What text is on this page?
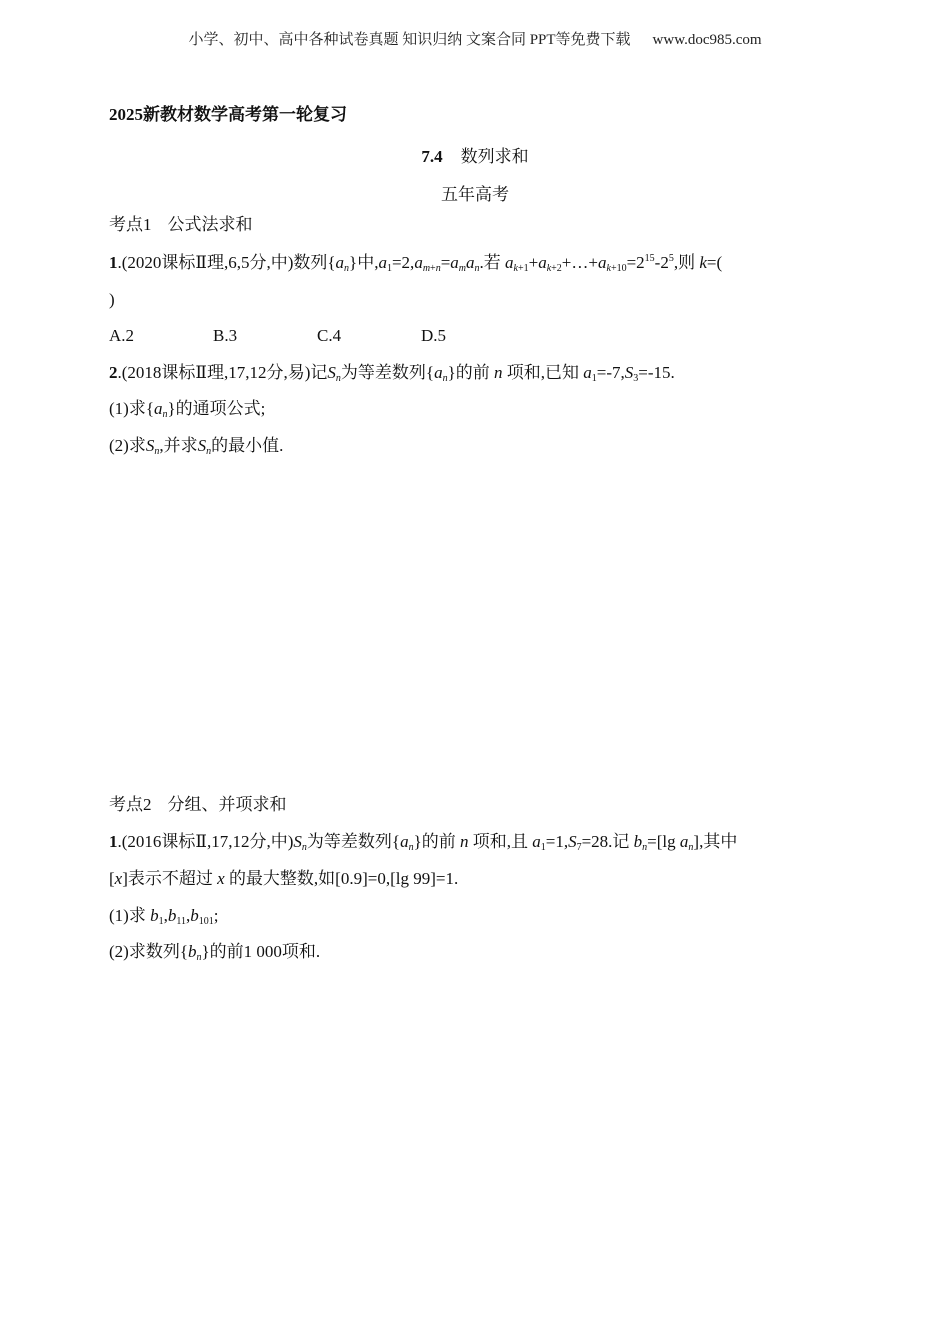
小学、初中、高中各种试卷真题 知识归纳 文案合同 PPT等免费下载 www.doc985.com
2025新教材数学高考第一轮复习
7.4 数列求和
五年高考
考点1 公式法求和
1.(2020课标Ⅱ理,6,5分,中)数列$\{a_n\}$中$,a_1=2,a_{m+n}=a_ma_n$.若 $a_{k+1}+a_{k+2}+\dots+a_{k+10}=2^{15}-2^5$,则 k=(
)
A.2	B.3	C.4	D.5
2.(2018课标Ⅱ理,17,12分,易)记$S_n$为等差数列$\{a_n\}$的前 n 项和,已知 $a_1=-7,S_3=-15$.
(1)求$\{a_n\}$的通项公式;
(2)求$S_n$,并求$S_n$的最小值.
考点2 分组、并项求和
1.(2016课标Ⅱ,17,12分,中)$S_n$为等差数列$\{a_n\}$的前 n 项和,且 $a_1=1,S_7=28$.记 $b_n=[\lg$ $a_n$],其中
[x]表示不超过 x 的最大整数,如[0.9]=0,[lg 99]=1.
(1)求 $b_1,b_{11},b_{101}$;
(2)求数列$\{b_n\}$的前1 000项和.
